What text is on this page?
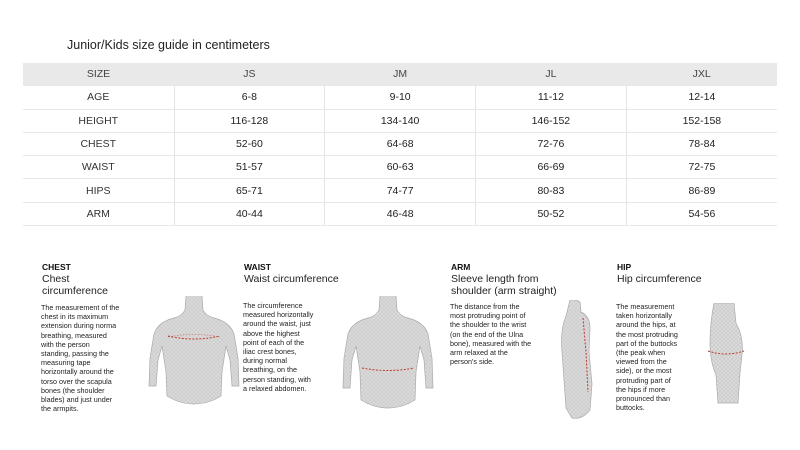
Junior/Kids size guide in centimeters
SIZE	JS	JM	JL	JXL
AGE	6-8	9-10	11-12	12-14
HEIGHT	116-128	134-140	146-152	152-158
CHEST	52-60	64-68	72-76	78-84
WAIST	51-57	60-63	66-69	72-75
HIPS	65-71	74-77	80-83	86-89
ARM	40-44	46-48	50-52	54-56
CHEST
Chest circumference
The measurement of the
chest in its maximum
extension during norma
breathing, measured
with the person
standing, passing the
measuring tape
horizontally around the
torso over the scapula
bones (the shoulder
blades) and just under
the armpits.
WAIST
Waist circumference
The circumference
measured horizontally
around the waist, just
above the highest
point of each of the
iliac crest bones,
during normal
breathing, on the
person standing, with
a relaxed abdomen.
ARM
Sleeve length from
shoulder (arm straight)
The distance from the
most protruding point of
the shoulder to the wrist
(on the end of the Ulna
bone), measured with the
arm relaxed at the
person's side.
HIP
Hip circumference
The measurement
taken horizontally
around the hips, at
the most protruding
part of the buttocks
(the peak when
viewed from the
side), or the most
protruding part of
the hips if more
pronounced than
buttocks.
